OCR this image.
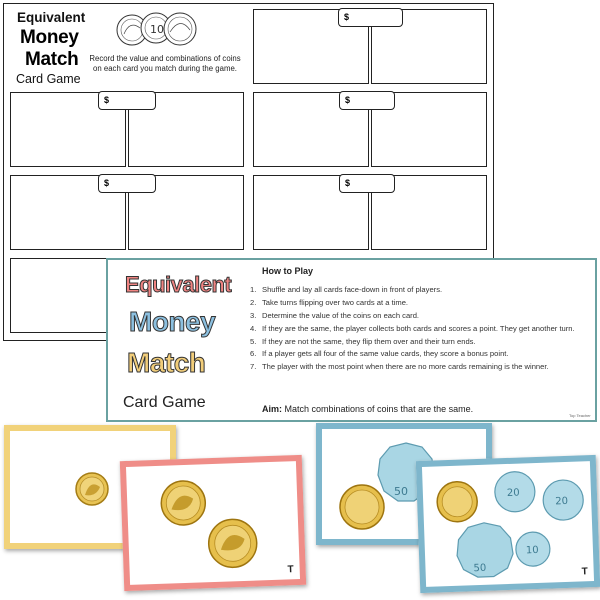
Equivalent
Money
Match
Card Game
Record the value and combinations of coins on each card you match during the game.
10
$
$	$
$	$
Equivalent
Money
Match
Card Game
How to Play
1. Shuffle and lay all cards face-down in front of players.
2. Take turns flipping over two cards at a time.
3. Determine the value of the coins on each card.
4. If they are the same, the player collects both cards and scores a point. They get another turn.
5. If they are not the same, they flip them over and their turn ends.
6. If a player gets all four of the same value cards, they score a bonus point.
7. The player with the most point when there are no more cards remaining is the winner.
Aim: Match combinations of coins that are the same.
Top Teacher
T
50	20
20
50
10
T
